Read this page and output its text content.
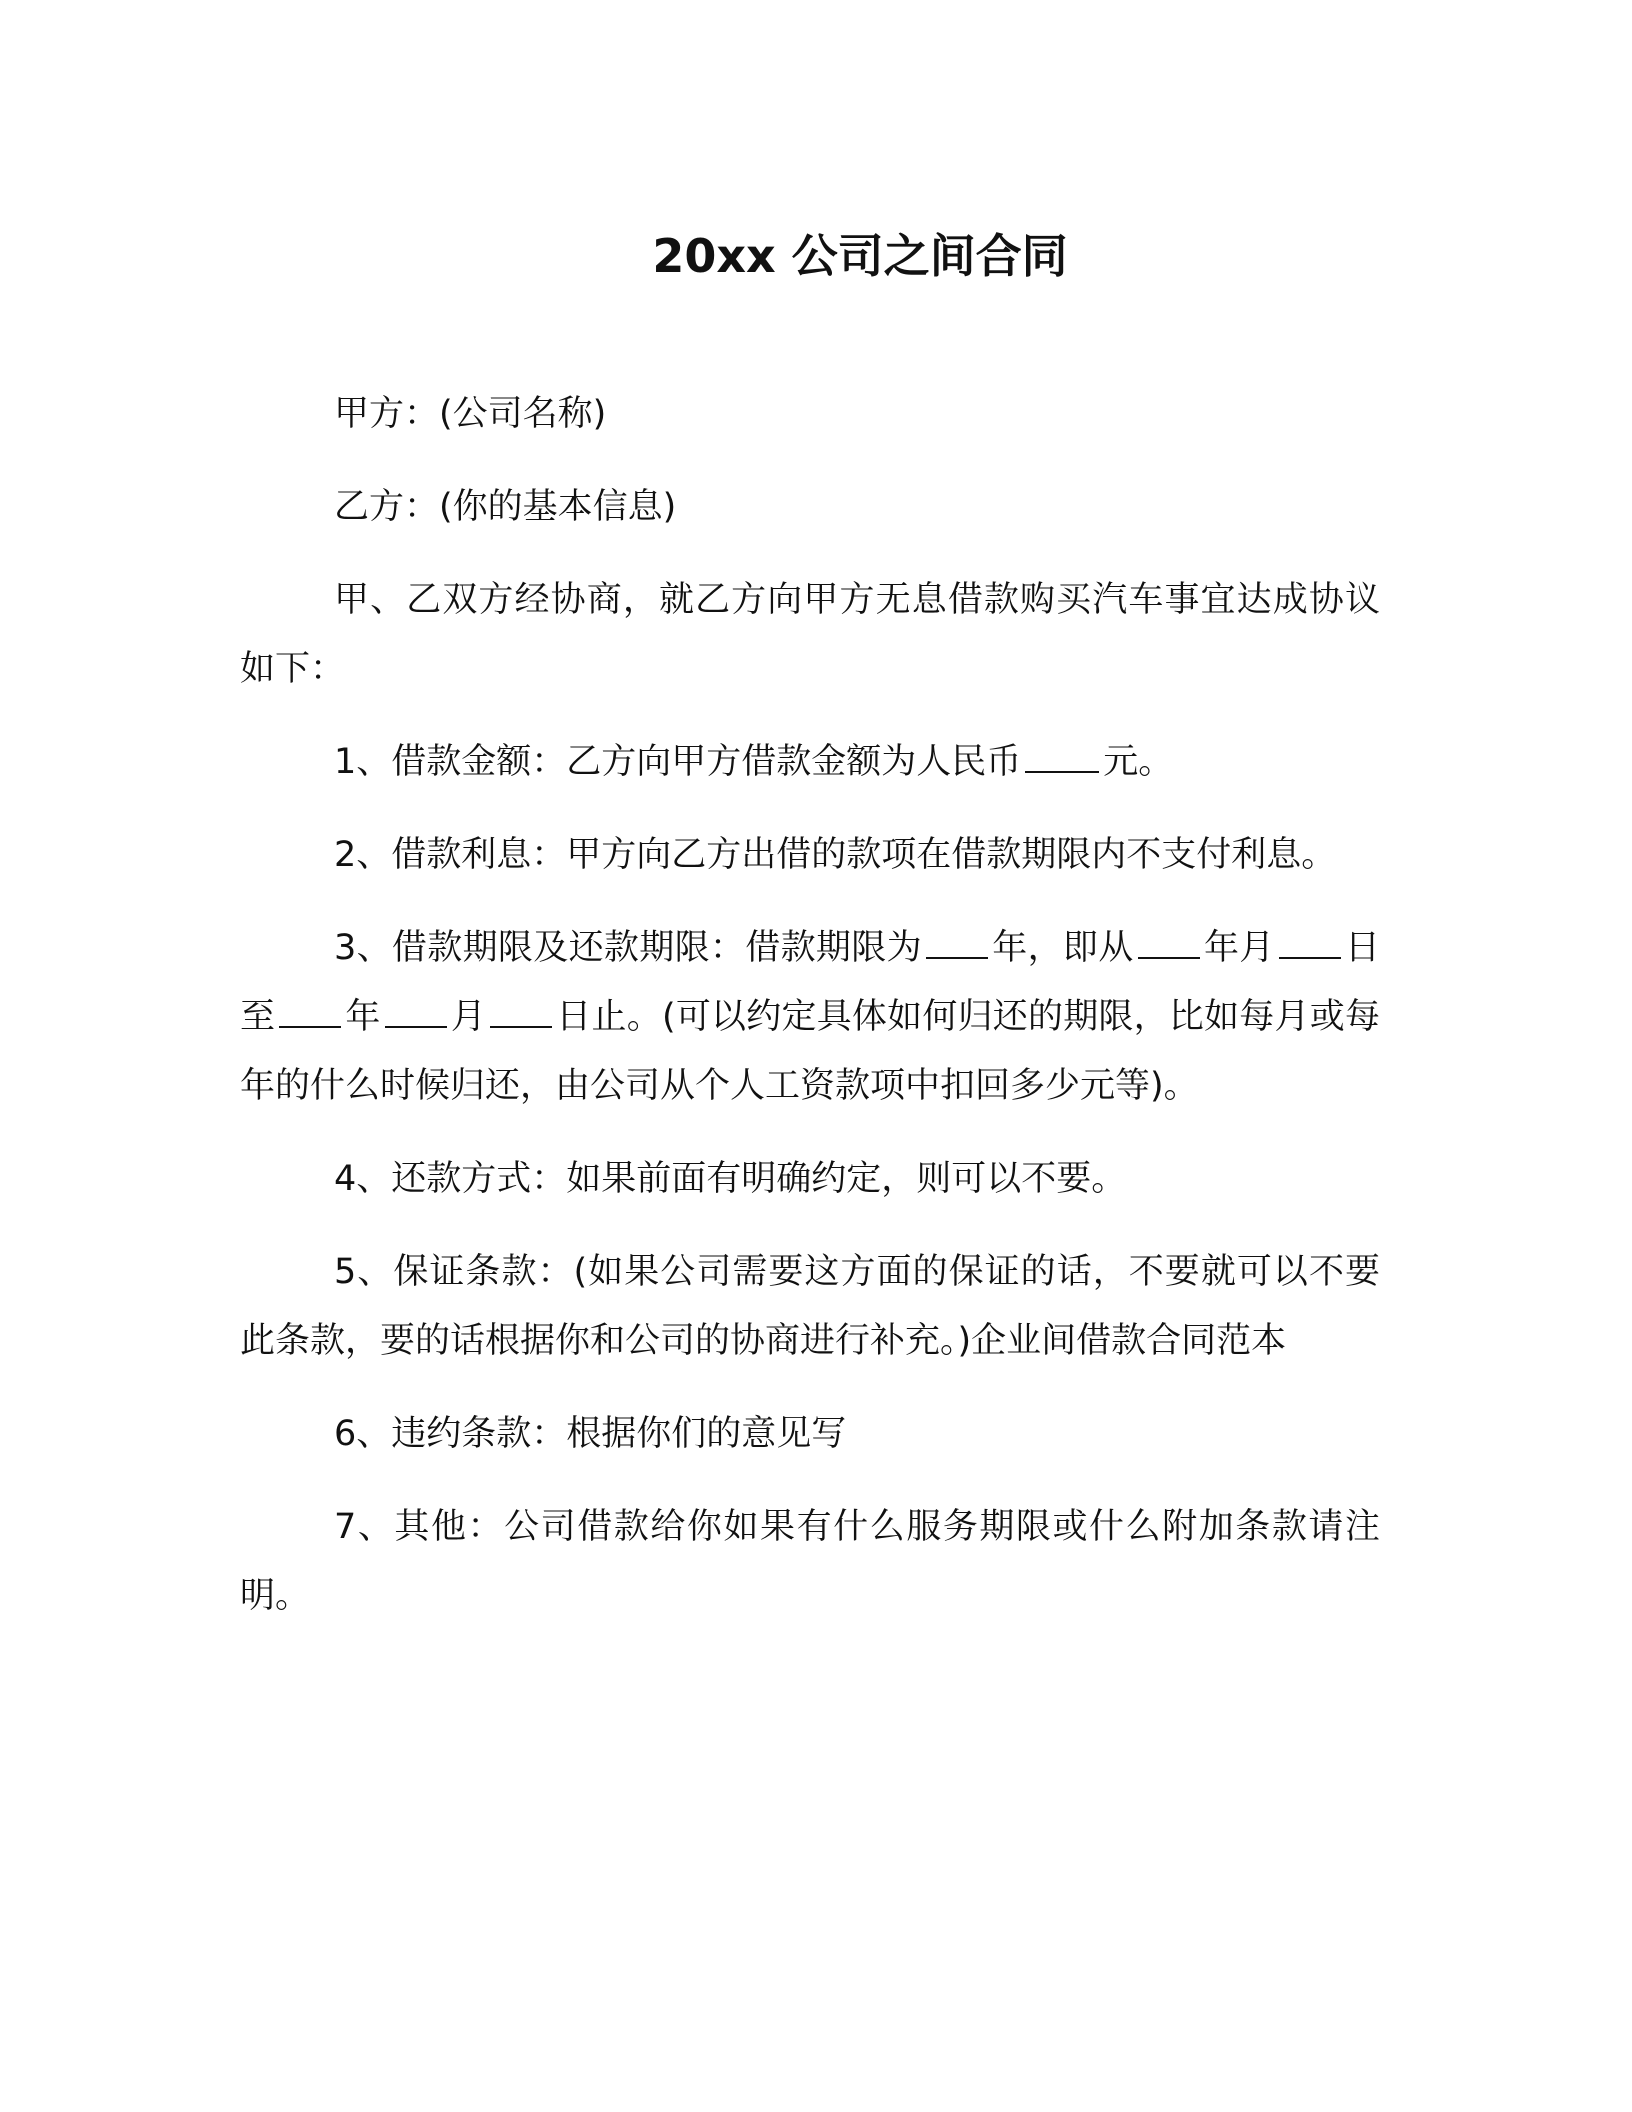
20xx 公司之间合同

甲方：(公司名称)

乙方：(你的基本信息)

甲、乙双方经协商，就乙方向甲方无息借款购买汽车事宜达成协议如下：

1、借款金额：乙方向甲方借款金额为人民币 元。

2、借款利息：甲方向乙方出借的款项在借款期限内不支付利息。

3、借款期限及还款期限：借款期限为 年，即从 年月 日至 年 月 日止。(可以约定具体如何归还的期限，比如每月或每年的什么时候归还，由公司从个人工资款项中扣回多少元等)。

4、还款方式：如果前面有明确约定，则可以不要。

5、保证条款：(如果公司需要这方面的保证的话，不要就可以不要此条款，要的话根据你和公司的协商进行补充。)企业间借款合同范本

6、违约条款：根据你们的意见写

7、其他：公司借款给你如果有什么服务期限或什么附加条款请注明。
